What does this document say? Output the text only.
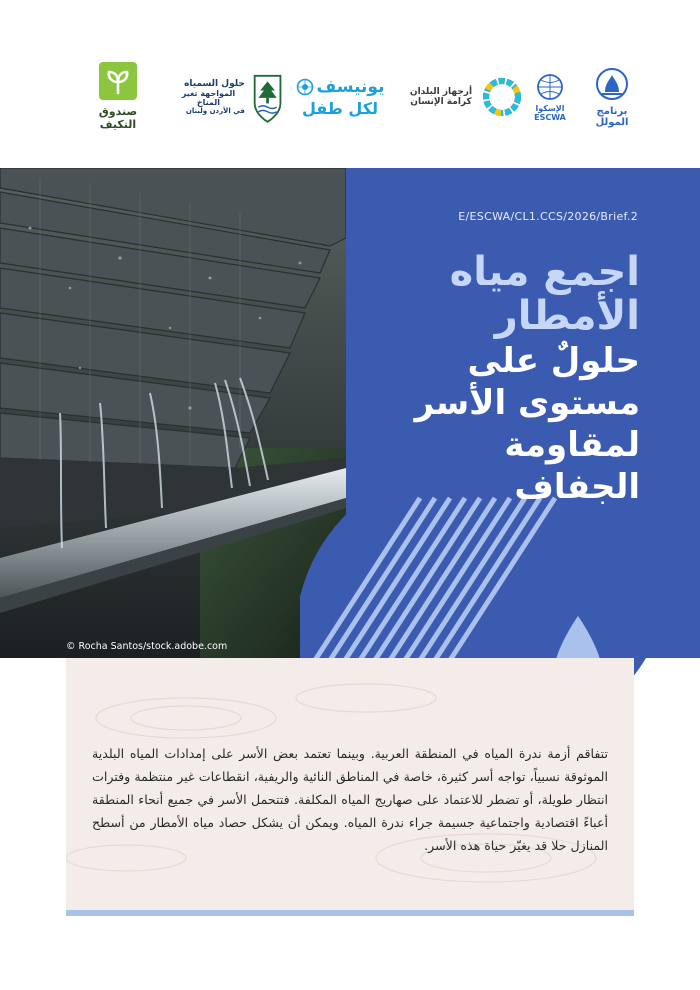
صندوق التكيف
حلول السمياه
المواجهة تغير المناخ
في الأردن ولبنان
يونيسف
لكل طفل
أرجهاز البلدان كرامة الإنسان
الإسكوا
ESCWA
برنامج المولل
© Rocha Santos/stock.adobe.com
E/ESCWA/CL1.CCS/2026/Brief.2
اجمع مياه
الأمطار
حلولٌ على
مستوى الأسر
لمقاومة
الجفاف
تتفاقم أزمة ندرة المياه في المنطقة العربية. وبينما تعتمد بعض الأسر على إمدادات المياه البلدية الموثوقة نسبياً، تواجه أسر كثيرة، خاصة في المناطق النائية والريفية، انقطاعات غير منتظمة وفترات انتظار طويلة، أو تضطر للاعتماد على صهاريج المياه المكلفة. فتتحمل الأسر في جميع أنحاء المنطقة أعباءً اقتصادية واجتماعية جسيمة جراء ندرة المياه. ويمكن أن يشكل حصاد مياه الأمطار من أسطح المنازل حلا قد يغيّر حياة هذه الأسر.
